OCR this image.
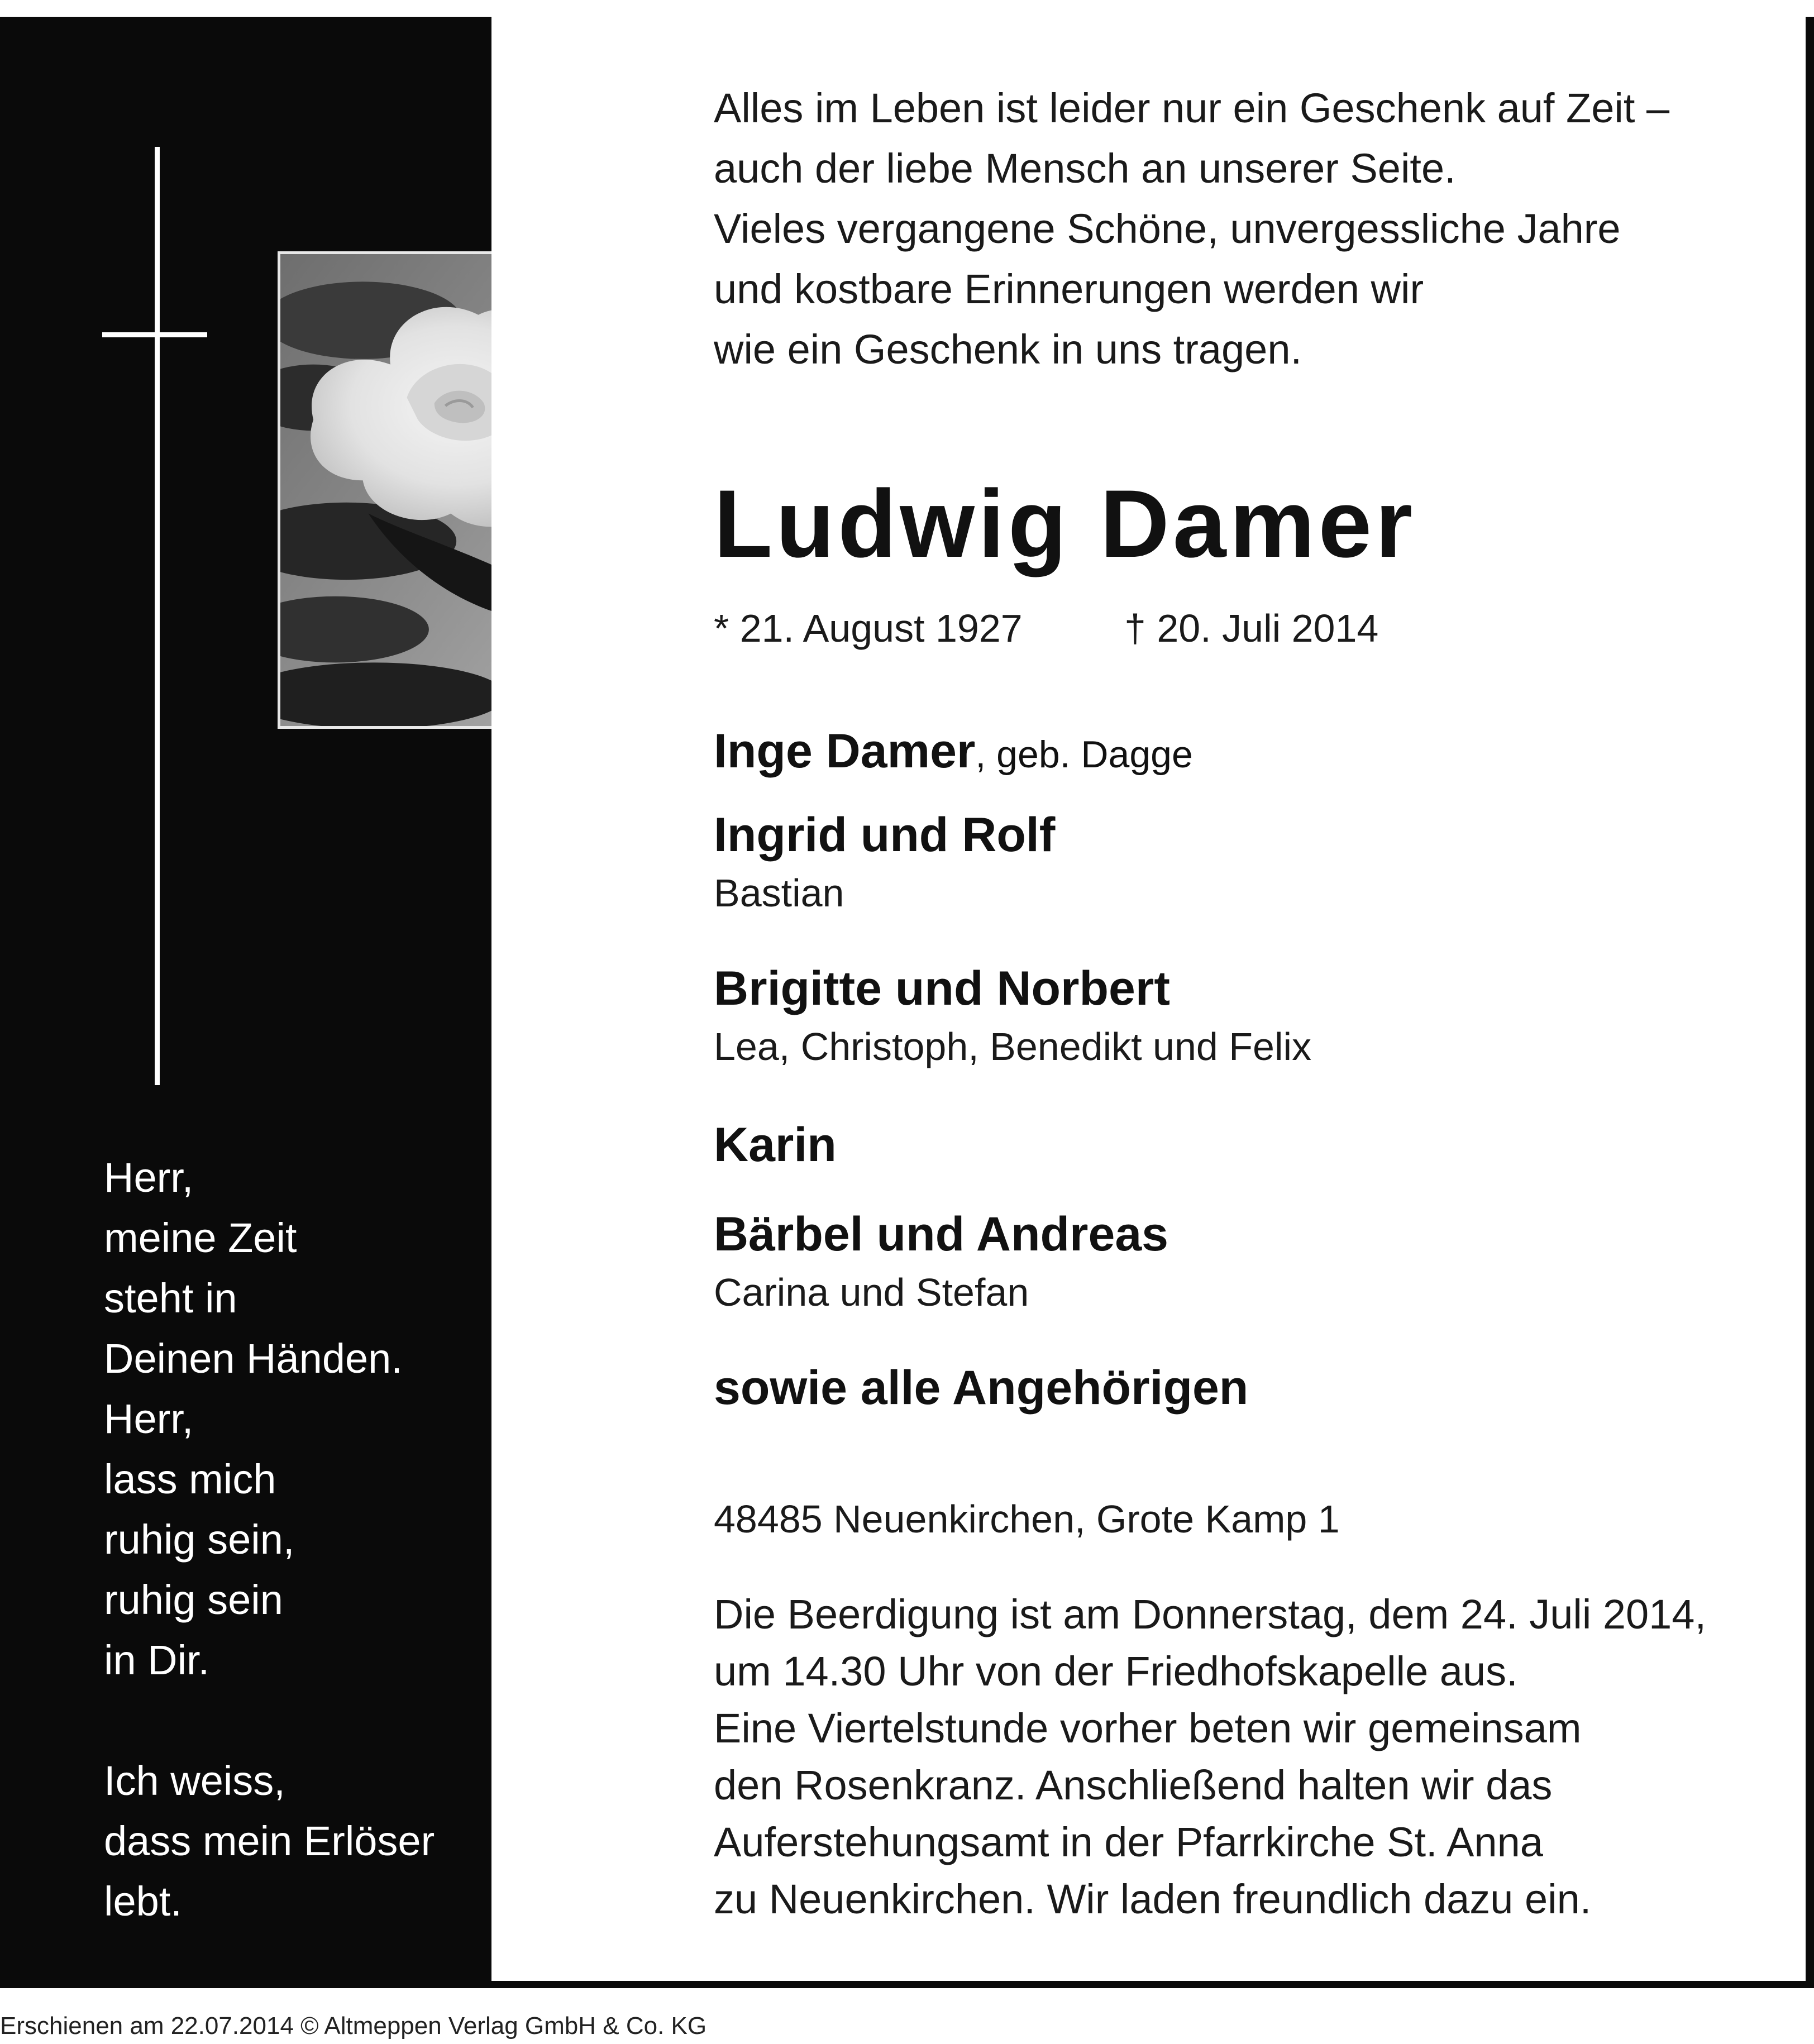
Herr,
meine Zeit
steht in
Deinen Händen.
Herr,
lass mich
ruhig sein,
ruhig sein
in Dir.
Ich weiss,
dass mein Erlöser
lebt.
Alles im Leben ist leider nur ein Geschenk auf Zeit –
auch der liebe Mensch an unserer Seite.
Vieles vergangene Schöne, unvergessliche Jahre
und kostbare Erinnerungen werden wir
wie ein Geschenk in uns tragen.
Ludwig Damer
* 21. August 1927	† 20. Juli 2014
Inge Damer, geb. Dagge
Ingrid und Rolf
Bastian
Brigitte und Norbert
Lea, Christoph, Benedikt und Felix
Karin
Bärbel und Andreas
Carina und Stefan
sowie alle Angehörigen
48485 Neuenkirchen, Grote Kamp 1
Die Beerdigung ist am Donnerstag, dem 24. Juli 2014,
um 14.30 Uhr von der Friedhofskapelle aus.
Eine Viertelstunde vorher beten wir gemeinsam
den Rosenkranz. Anschließend halten wir das
Auferstehungsamt in der Pfarrkirche St. Anna
zu Neuenkirchen. Wir laden freundlich dazu ein.
Erschienen am 22.07.2014 © Altmeppen Verlag GmbH & Co. KG
